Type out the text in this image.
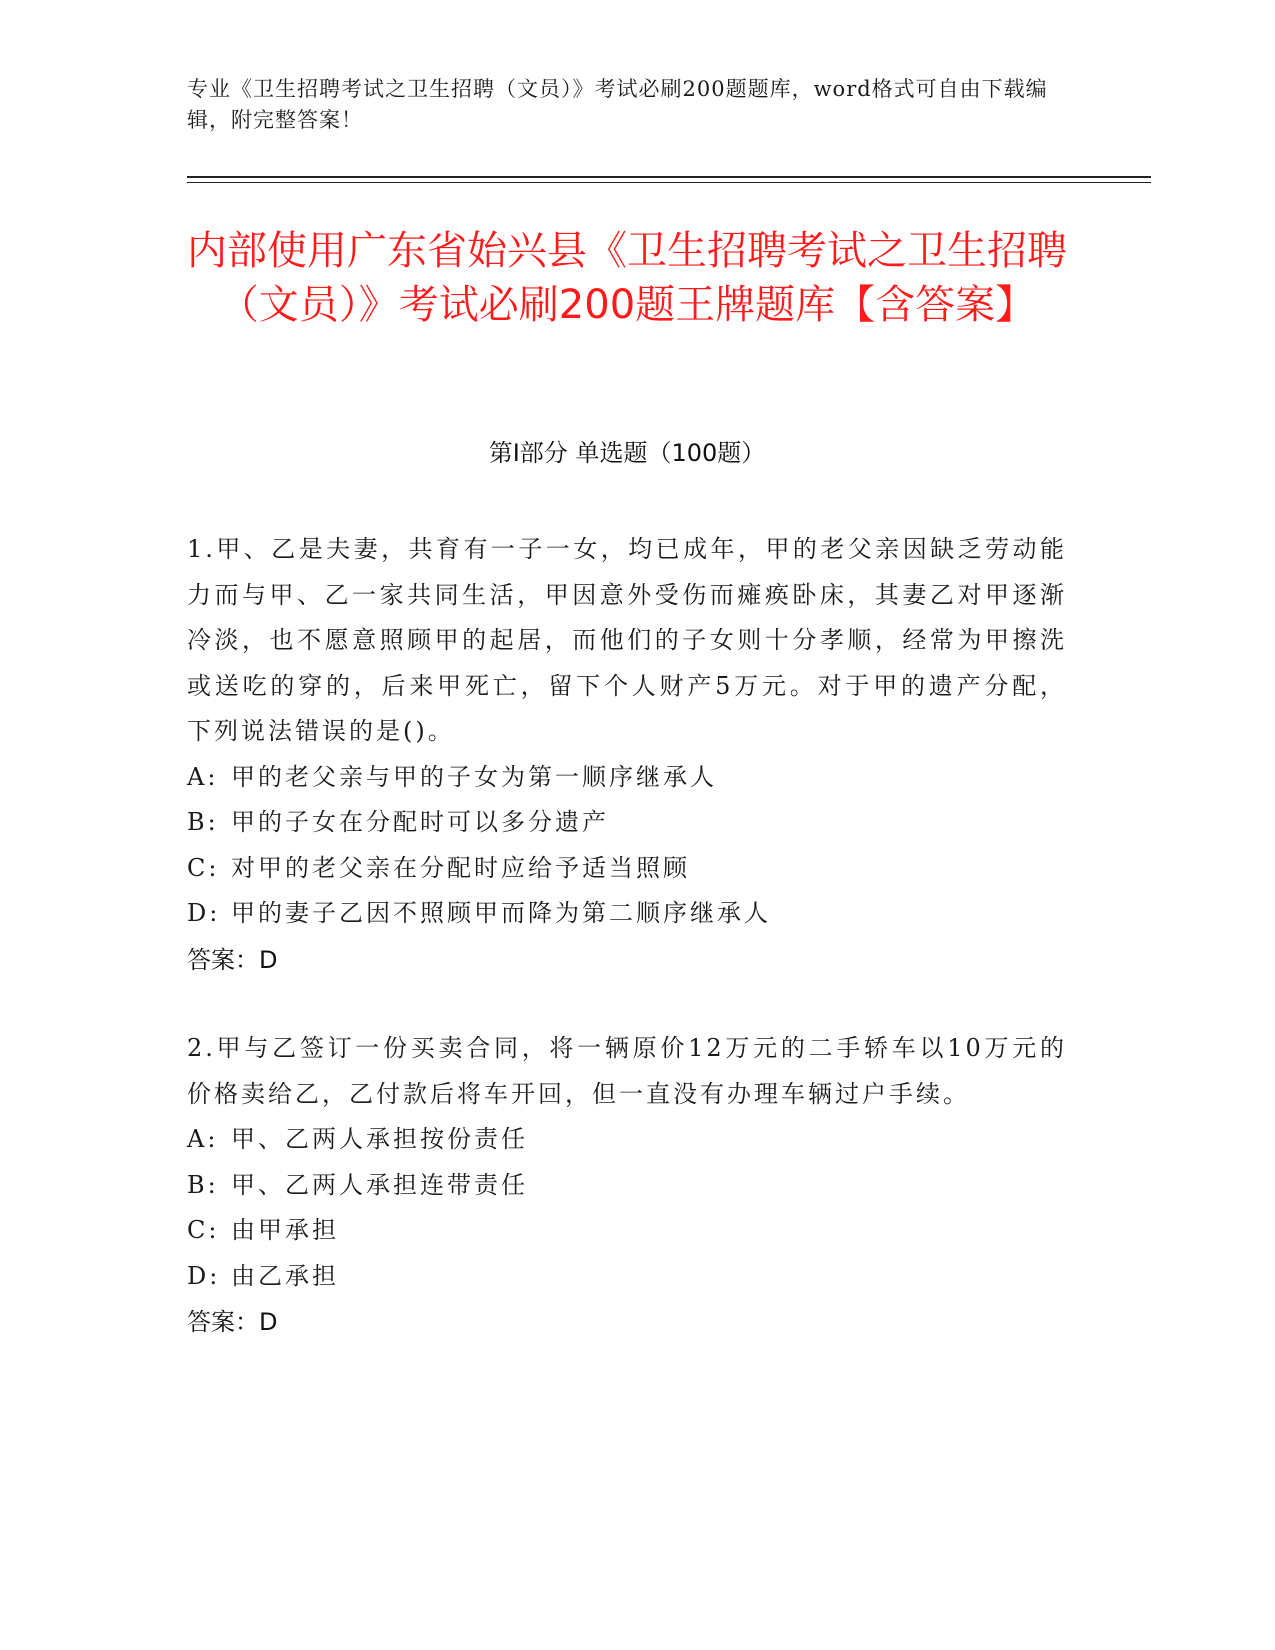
专业《卫生招聘考试之卫生招聘（文员）》考试必刷200题题库，word格式可自由下载编辑，附完整答案！
内部使用广东省始兴县《卫生招聘考试之卫生招聘（文员）》考试必刷200题王牌题库【含答案】
第Ⅰ部分 单选题（100题）

1.甲、乙是夫妻，共育有一子一女，均已成年，甲的老父亲因缺乏劳动能力而与甲、乙一家共同生活，甲因意外受伤而瘫痪卧床，其妻乙对甲逐渐冷淡，也不愿意照顾甲的起居，而他们的子女则十分孝顺，经常为甲擦洗或送吃的穿的，后来甲死亡，留下个人财产5万元。对于甲的遗产分配，下列说法错误的是()。

A: 甲的老父亲与甲的子女为第一顺序继承人

B: 甲的子女在分配时可以多分遗产

C: 对甲的老父亲在分配时应给予适当照顾

D: 甲的妻子乙因不照顾甲而降为第二顺序继承人

答案：D

2.甲与乙签订一份买卖合同，将一辆原价12万元的二手轿车以10万元的价格卖给乙，乙付款后将车开回，但一直没有办理车辆过户手续。

A: 甲、乙两人承担按份责任

B: 甲、乙两人承担连带责任

C: 由甲承担

D: 由乙承担

答案：D
